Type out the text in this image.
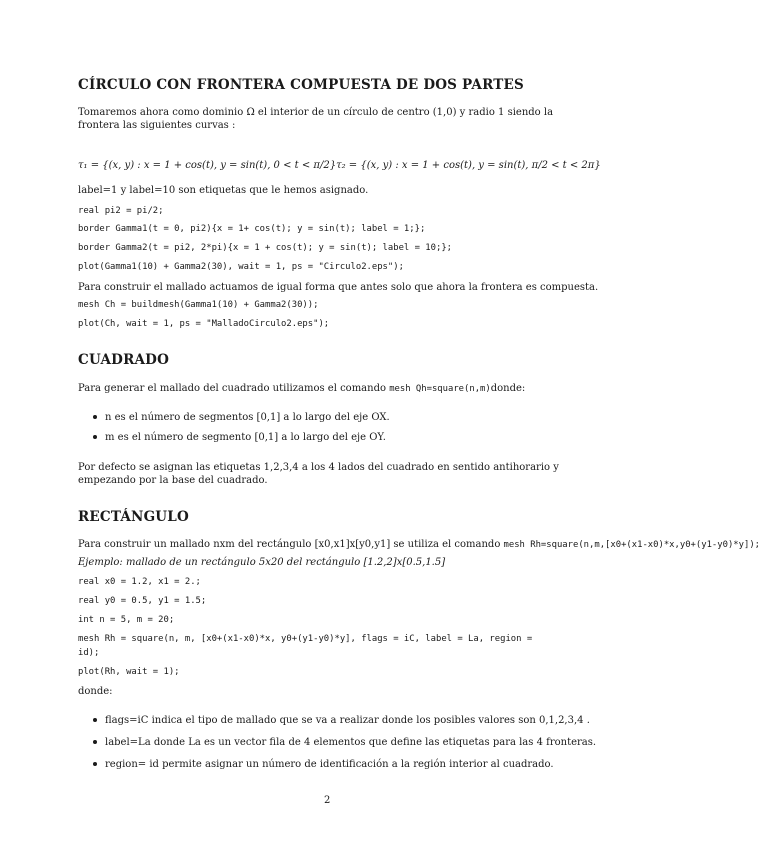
CÍRCULO CON FRONTERA COMPUESTA DE DOS PARTES
Tomaremos ahora como dominio Ω el interior de un círculo de centro (1,0) y radio 1 siendo la frontera las siguientes curvas :
τ₁ = {(x, y) : x = 1 + cos(t), y = sin(t), 0 < t < π/2}τ₂ = {(x, y) : x = 1 + cos(t), y = sin(t), π/2 < t < 2π}
label=1 y label=10 son etiquetas que le hemos asignado.
real pi2 = pi/2;
border Gamma1(t = 0, pi2){x = 1+ cos(t); y = sin(t); label = 1;};
border Gamma2(t = pi2, 2*pi){x = 1 + cos(t); y = sin(t); label = 10;};
plot(Gamma1(10) + Gamma2(30), wait = 1, ps = "Circulo2.eps");
Para construir el mallado actuamos de igual forma que antes solo que ahora la frontera es compuesta.
mesh Ch = buildmesh(Gamma1(10) + Gamma2(30));
plot(Ch, wait = 1, ps = "MalladoCirculo2.eps");
CUADRADO
Para generar el mallado del cuadrado utilizamos el comando mesh Qh=square(n,m)donde:
n es el número de segmentos [0,1] a lo largo del eje OX.
m es el número de segmento [0,1] a lo largo del eje OY.
Por defecto se asignan las etiquetas 1,2,3,4 a los 4 lados del cuadrado en sentido antihorario y empezando por la base del cuadrado.
RECTÁNGULO
Para construir un mallado nxm del rectángulo [x0,x1]x[y0,y1] se utiliza el comando mesh Rh=square(n,m,[x0+(x1-x0)*x,y0+(y1-y0)*y]);
Ejemplo: mallado de un rectángulo 5x20 del rectángulo [1.2,2]x[0.5,1.5]
real x0 = 1.2, x1 = 2.;
real y0 = 0.5, y1 = 1.5;
int n = 5, m = 20;
mesh Rh = square(n, m, [x0+(x1-x0)*x, y0+(y1-y0)*y], flags = iC, label = La, region =
id);
plot(Rh, wait = 1);
donde:
flags=iC indica el tipo de mallado que se va a realizar donde los posibles valores son 0,1,2,3,4 .
label=La donde La es un vector fila de 4 elementos que define las etiquetas para las 4 fronteras.
region= id permite asignar un número de identificación a la región interior al cuadrado.
2
